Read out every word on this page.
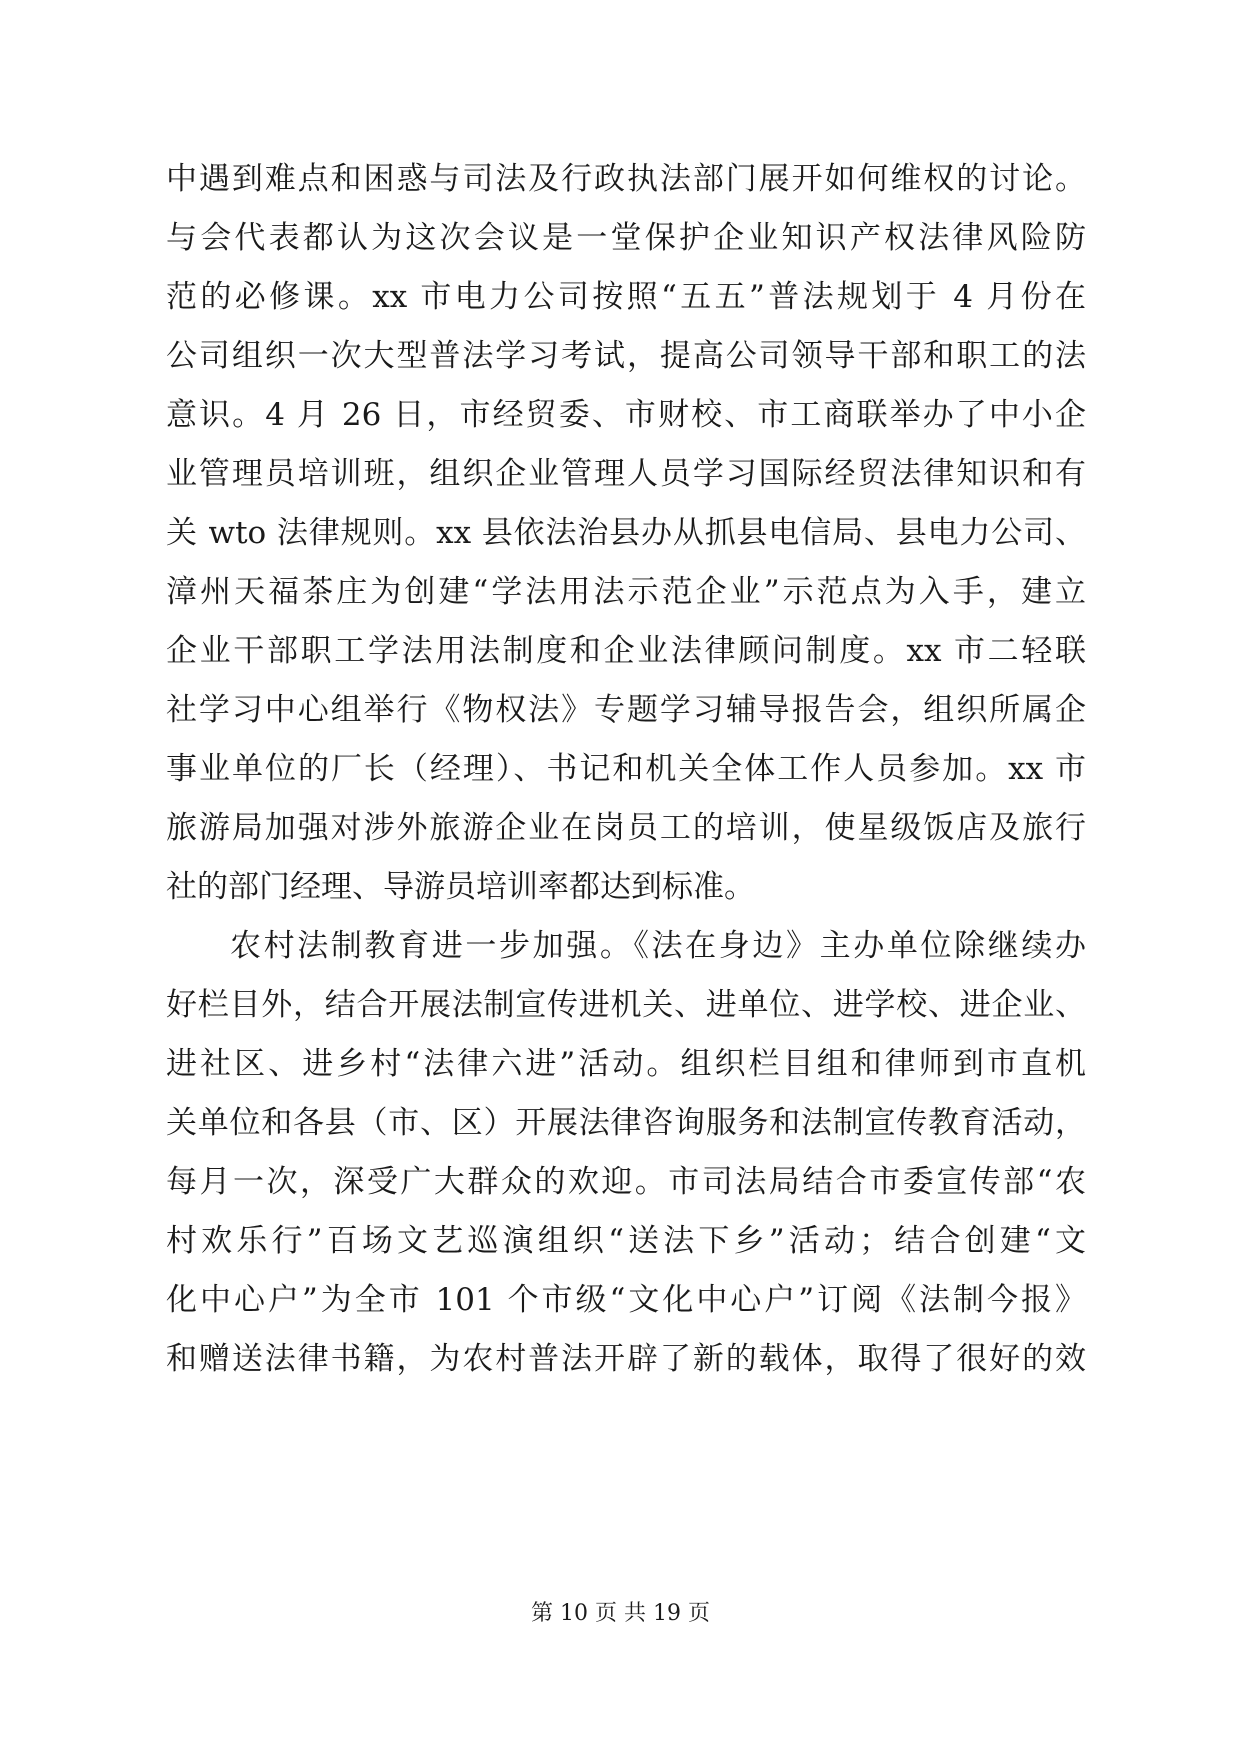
中遇到难点和困惑与司法及行政执法部门展开如何维权的讨论。
与会代表都认为这次会议是一堂保护企业知识产权法律风险防
范的必修课。xx 市电力公司按照“五五”普法规划于 4 月份在
公司组织一次大型普法学习考试，提高公司领导干部和职工的法
意识。4 月 26 日，市经贸委、市财校、市工商联举办了中小企
业管理员培训班，组织企业管理人员学习国际经贸法律知识和有
关 wto 法律规则。xx 县依法治县办从抓县电信局、县电力公司、
漳州天福茶庄为创建“学法用法示范企业”示范点为入手，建立
企业干部职工学法用法制度和企业法律顾问制度。xx 市二轻联
社学习中心组举行《物权法》专题学习辅导报告会，组织所属企
事业单位的厂长（经理）、书记和机关全体工作人员参加。xx 市
旅游局加强对涉外旅游企业在岗员工的培训，使星级饭店及旅行
社的部门经理、导游员培训率都达到标准。
农村法制教育进一步加强。《法在身边》主办单位除继续办
好栏目外，结合开展法制宣传进机关、进单位、进学校、进企业、
进社区、进乡村“法律六进”活动。组织栏目组和律师到市直机
关单位和各县（市、区）开展法律咨询服务和法制宣传教育活动，
每月一次，深受广大群众的欢迎。市司法局结合市委宣传部“农
村欢乐行”百场文艺巡演组织“送法下乡”活动；结合创建“文
化中心户”为全市 101 个市级“文化中心户”订阅《法制今报》
和赠送法律书籍，为农村普法开辟了新的载体，取得了很好的效
第 10 页 共 19 页
